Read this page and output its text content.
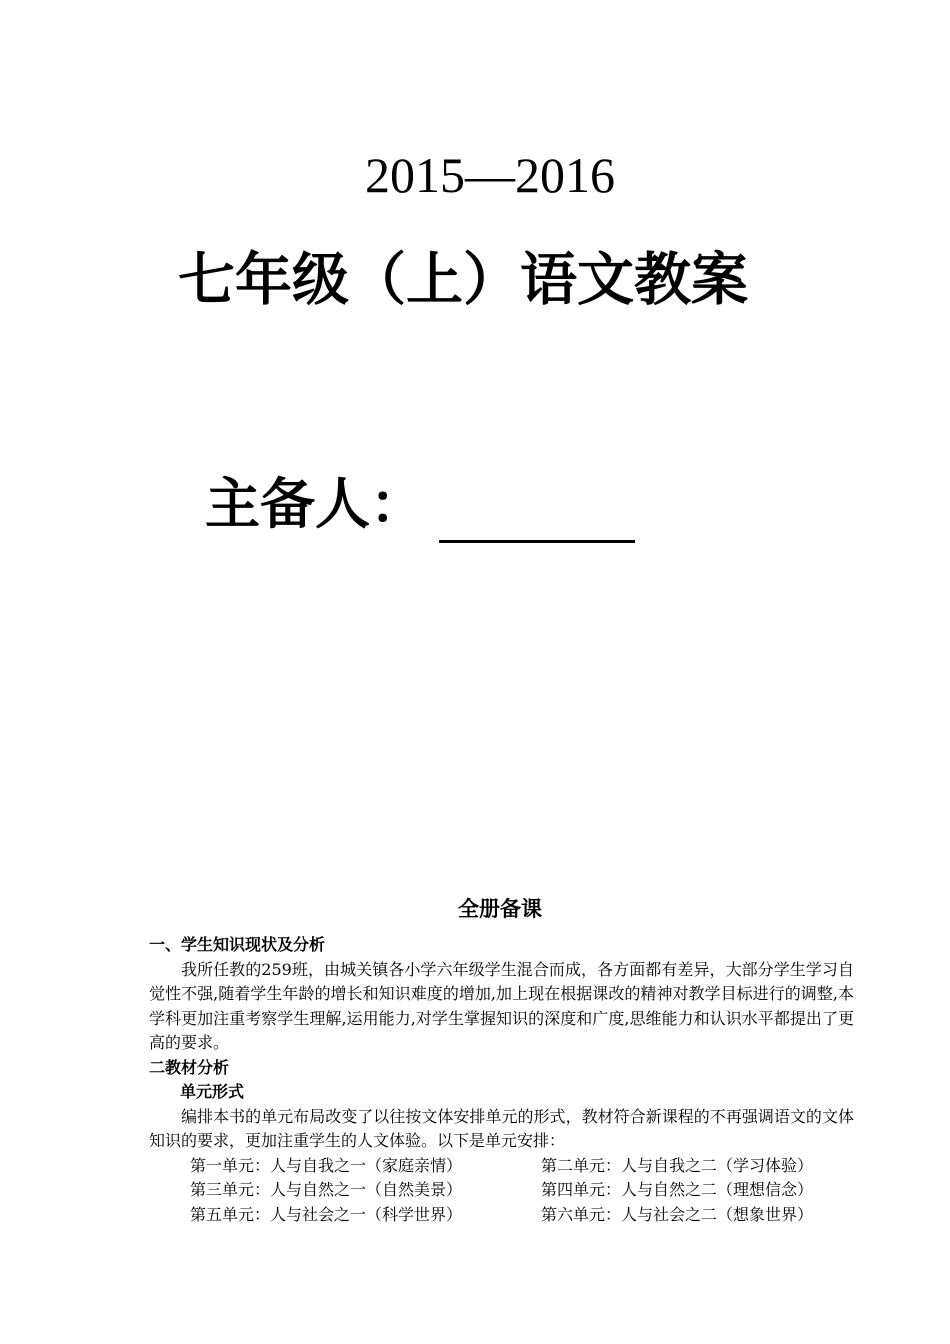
2015—2016
七年级（上）语文教案
主备人：
全册备课
一、学生知识现状及分析
我所任教的259班，由城关镇各小学六年级学生混合而成，各方面都有差异，大部分学生学习自觉性不强,随着学生年龄的增长和知识难度的增加,加上现在根据课改的精神对教学目标进行的调整,本学科更加注重考察学生理解,运用能力,对学生掌握知识的深度和广度,思维能力和认识水平都提出了更高的要求。
二教材分析
单元形式
编排本书的单元布局改变了以往按文体安排单元的形式，教材符合新课程的不再强调语文的文体知识的要求，更加注重学生的人文体验。以下是单元安排：
第一单元：人与自我之一（家庭亲情）	第二单元：人与自我之二（学习体验）
第三单元：人与自然之一（自然美景）	第四单元：人与自然之二（理想信念）
第五单元：人与社会之一（科学世界）	第六单元：人与社会之二（想象世界）
